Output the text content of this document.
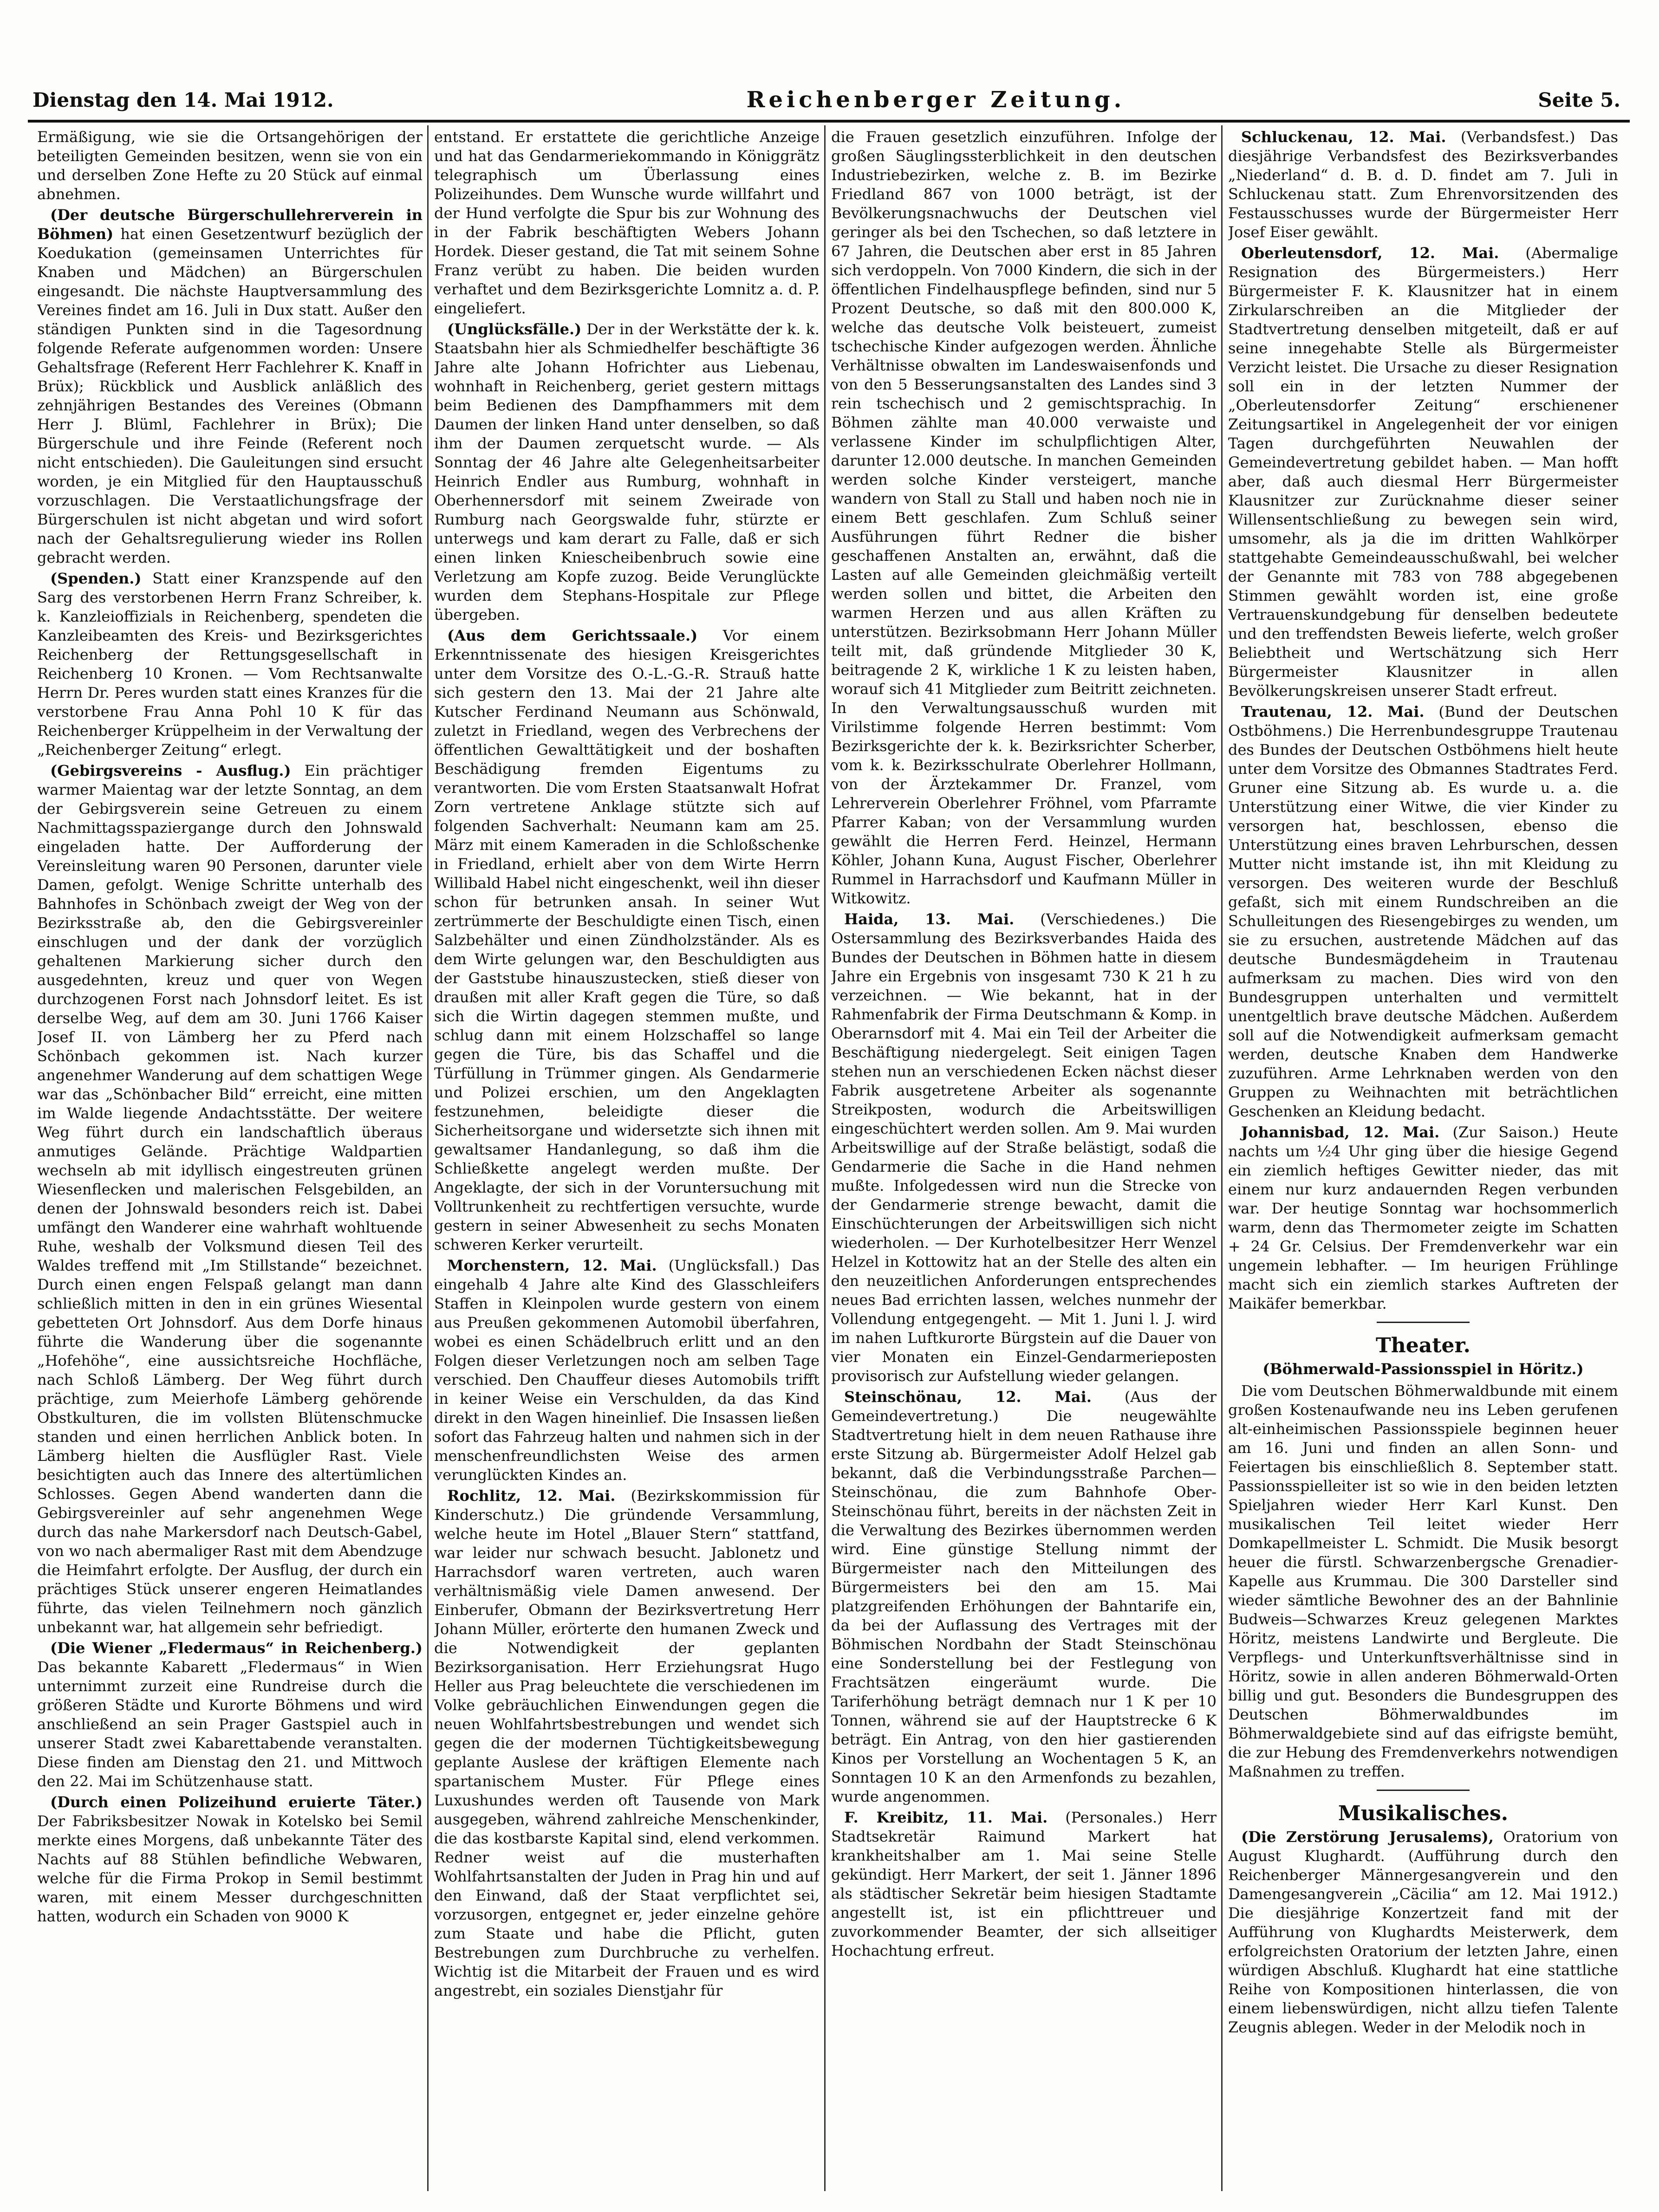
Dienstag den 14. Mai 1912.	Reichenberger Zeitung.	Seite 5.

Ermäßigung, wie sie die Ortsangehörigen der beteiligten Gemeinden besitzen, wenn sie von ein und derselben Zone Hefte zu 20 Stück auf einmal abnehmen.

(Der deutsche Bürgerschullehrerverein in Böhmen) hat einen Gesetzentwurf bezüglich der Koedukation (gemeinsamen Unterrichtes für Knaben und Mädchen) an Bürgerschulen eingesandt. Die nächste Hauptversammlung des Vereines findet am 16. Juli in Dux statt. Außer den ständigen Punkten sind in die Tagesordnung folgende Referate aufgenommen worden: Unsere Gehaltsfrage (Referent Herr Fachlehrer K. Knaff in Brüx); Rückblick und Ausblick anläßlich des zehnjährigen Bestandes des Vereines (Obmann Herr J. Blüml, Fachlehrer in Brüx); Die Bürgerschule und ihre Feinde (Referent noch nicht entschieden). Die Gauleitungen sind ersucht worden, je ein Mitglied für den Hauptausschuß vorzuschlagen. Die Verstaatlichungsfrage der Bürgerschulen ist nicht abgetan und wird sofort nach der Gehaltsregulierung wieder ins Rollen gebracht werden.

(Spenden.) Statt einer Kranzspende auf den Sarg des verstorbenen Herrn Franz Schreiber, k. k. Kanzleioffizials in Reichenberg, spendeten die Kanzleibeamten des Kreis- und Bezirksgerichtes Reichenberg der Rettungsgesellschaft in Reichenberg 10 Kronen. — Vom Rechtsanwalte Herrn Dr. Peres wurden statt eines Kranzes für die verstorbene Frau Anna Pohl 10 K für das Reichenberger Krüppelheim in der Verwaltung der „Reichenberger Zeitung“ erlegt.

(Gebirgsvereins - Ausflug.) Ein prächtiger warmer Maientag war der letzte Sonntag, an dem der Gebirgsverein seine Getreuen zu einem Nachmittagsspaziergange durch den Johnswald eingeladen hatte. Der Aufforderung der Vereinsleitung waren 90 Personen, darunter viele Damen, gefolgt. Wenige Schritte unterhalb des Bahnhofes in Schönbach zweigt der Weg von der Bezirksstraße ab, den die Gebirgsvereinler einschlugen und der dank der vorzüglich gehaltenen Markierung sicher durch den ausgedehnten, kreuz und quer von Wegen durchzogenen Forst nach Johnsdorf leitet. Es ist derselbe Weg, auf dem am 30. Juni 1766 Kaiser Josef II. von Lämberg her zu Pferd nach Schönbach gekommen ist. Nach kurzer angenehmer Wanderung auf dem schattigen Wege war das „Schönbacher Bild“ erreicht, eine mitten im Walde liegende Andachtsstätte. Der weitere Weg führt durch ein landschaftlich überaus anmutiges Gelände. Prächtige Waldpartien wechseln ab mit idyllisch eingestreuten grünen Wiesenflecken und malerischen Felsgebilden, an denen der Johnswald besonders reich ist. Dabei umfängt den Wanderer eine wahrhaft wohltuende Ruhe, weshalb der Volksmund diesen Teil des Waldes treffend mit „Im Stillstande“ bezeichnet. Durch einen engen Felspaß gelangt man dann schließlich mitten in den in ein grünes Wiesental gebetteten Ort Johnsdorf. Aus dem Dorfe hinaus führte die Wanderung über die sogenannte „Hofehöhe“, eine aussichtsreiche Hochfläche, nach Schloß Lämberg. Der Weg führt durch prächtige, zum Meierhofe Lämberg gehörende Obstkulturen, die im vollsten Blütenschmucke standen und einen herrlichen Anblick boten. In Lämberg hielten die Ausflügler Rast. Viele besichtigten auch das Innere des altertümlichen Schlosses. Gegen Abend wanderten dann die Gebirgsvereinler auf sehr angenehmen Wege durch das nahe Markersdorf nach Deutsch-Gabel, von wo nach abermaliger Rast mit dem Abendzuge die Heimfahrt erfolgte. Der Ausflug, der durch ein prächtiges Stück unserer engeren Heimatlandes führte, das vielen Teilnehmern noch gänzlich unbekannt war, hat allgemein sehr befriedigt.

(Die Wiener „Fledermaus“ in Reichenberg.) Das bekannte Kabarett „Fledermaus“ in Wien unternimmt zurzeit eine Rundreise durch die größeren Städte und Kurorte Böhmens und wird anschließend an sein Prager Gastspiel auch in unserer Stadt zwei Kabarettabende veranstalten. Diese finden am Dienstag den 21. und Mittwoch den 22. Mai im Schützenhause statt.

(Durch einen Polizeihund eruierte Täter.) Der Fabriksbesitzer Nowak in Kotelsko bei Semil merkte eines Morgens, daß unbekannte Täter des Nachts auf 88 Stühlen befindliche Webwaren, welche für die Firma Prokop in Semil bestimmt waren, mit einem Messer durchgeschnitten hatten, wodurch ein Schaden von 9000 K

entstand. Er erstattete die gerichtliche Anzeige und hat das Gendarmeriekommando in Königgrätz telegraphisch um Überlassung eines Polizeihundes. Dem Wunsche wurde willfahrt und der Hund verfolgte die Spur bis zur Wohnung des in der Fabrik beschäftigten Webers Johann Hordek. Dieser gestand, die Tat mit seinem Sohne Franz verübt zu haben. Die beiden wurden verhaftet und dem Bezirksgerichte Lomnitz a. d. P. eingeliefert.

(Unglücksfälle.) Der in der Werkstätte der k. k. Staatsbahn hier als Schmiedhelfer beschäftigte 36 Jahre alte Johann Hofrichter aus Liebenau, wohnhaft in Reichenberg, geriet gestern mittags beim Bedienen des Dampfhammers mit dem Daumen der linken Hand unter denselben, so daß ihm der Daumen zerquetscht wurde. — Als Sonntag der 46 Jahre alte Gelegenheitsarbeiter Heinrich Endler aus Rumburg, wohnhaft in Oberhennersdorf mit seinem Zweirade von Rumburg nach Georgswalde fuhr, stürzte er unterwegs und kam derart zu Falle, daß er sich einen linken Kniescheibenbruch sowie eine Verletzung am Kopfe zuzog. Beide Verunglückte wurden dem Stephans-Hospitale zur Pflege übergeben.

(Aus dem Gerichtssaale.) Vor einem Erkenntnissenate des hiesigen Kreisgerichtes unter dem Vorsitze des O.-L.-G.-R. Strauß hatte sich gestern den 13. Mai der 21 Jahre alte Kutscher Ferdinand Neumann aus Schönwald, zuletzt in Friedland, wegen des Verbrechens der öffentlichen Gewalttätigkeit und der boshaften Beschädigung fremden Eigentums zu verantworten. Die vom Ersten Staatsanwalt Hofrat Zorn vertretene Anklage stützte sich auf folgenden Sachverhalt: Neumann kam am 25. März mit einem Kameraden in die Schloßschenke in Friedland, erhielt aber von dem Wirte Herrn Willibald Habel nicht eingeschenkt, weil ihn dieser schon für betrunken ansah. In seiner Wut zertrümmerte der Beschuldigte einen Tisch, einen Salzbehälter und einen Zündholzständer. Als es dem Wirte gelungen war, den Beschuldigten aus der Gaststube hinauszustecken, stieß dieser von draußen mit aller Kraft gegen die Türe, so daß sich die Wirtin dagegen stemmen mußte, und schlug dann mit einem Holzschaffel so lange gegen die Türe, bis das Schaffel und die Türfüllung in Trümmer gingen. Als Gendarmerie und Polizei erschien, um den Angeklagten festzunehmen, beleidigte dieser die Sicherheitsorgane und widersetzte sich ihnen mit gewaltsamer Handanlegung, so daß ihm die Schließkette angelegt werden mußte. Der Angeklagte, der sich in der Voruntersuchung mit Volltrunkenheit zu rechtfertigen versuchte, wurde gestern in seiner Abwesenheit zu sechs Monaten schweren Kerker verurteilt.

Morchenstern, 12. Mai. (Unglücksfall.) Das eingehalb 4 Jahre alte Kind des Glasschleifers Staffen in Kleinpolen wurde gestern von einem aus Preußen gekommenen Automobil überfahren, wobei es einen Schädelbruch erlitt und an den Folgen dieser Verletzungen noch am selben Tage verschied. Den Chauffeur dieses Automobils trifft in keiner Weise ein Verschulden, da das Kind direkt in den Wagen hineinlief. Die Insassen ließen sofort das Fahrzeug halten und nahmen sich in der menschenfreundlichsten Weise des armen verunglückten Kindes an.

Rochlitz, 12. Mai. (Bezirkskommission für Kinderschutz.) Die gründende Versammlung, welche heute im Hotel „Blauer Stern“ stattfand, war leider nur schwach besucht. Jablonetz und Harrachsdorf waren vertreten, auch waren verhältnismäßig viele Damen anwesend. Der Einberufer, Obmann der Bezirksvertretung Herr Johann Müller, erörterte den humanen Zweck und die Notwendigkeit der geplanten Bezirksorganisation. Herr Erziehungsrat Hugo Heller aus Prag beleuchtete die verschiedenen im Volke gebräuchlichen Einwendungen gegen die neuen Wohlfahrtsbestrebungen und wendet sich gegen die der modernen Tüchtigkeitsbewegung geplante Auslese der kräftigen Elemente nach spartanischem Muster. Für Pflege eines Luxushundes werden oft Tausende von Mark ausgegeben, während zahlreiche Menschenkinder, die das kostbarste Kapital sind, elend verkommen. Redner weist auf die musterhaften Wohlfahrtsanstalten der Juden in Prag hin und auf den Einwand, daß der Staat verpflichtet sei, vorzusorgen, entgegnet er, jeder einzelne gehöre zum Staate und habe die Pflicht, guten Bestrebungen zum Durchbruche zu verhelfen. Wichtig ist die Mitarbeit der Frauen und es wird angestrebt, ein soziales Dienstjahr für

die Frauen gesetzlich einzuführen. Infolge der großen Säuglingssterblichkeit in den deutschen Industriebezirken, welche z. B. im Bezirke Friedland 867 von 1000 beträgt, ist der Bevölkerungsnachwuchs der Deutschen viel geringer als bei den Tschechen, so daß letztere in 67 Jahren, die Deutschen aber erst in 85 Jahren sich verdoppeln. Von 7000 Kindern, die sich in der öffentlichen Findelhauspflege befinden, sind nur 5 Prozent Deutsche, so daß mit den 800.000 K, welche das deutsche Volk beisteuert, zumeist tschechische Kinder aufgezogen werden. Ähnliche Verhältnisse obwalten im Landeswaisenfonds und von den 5 Besserungsanstalten des Landes sind 3 rein tschechisch und 2 gemischtsprachig. In Böhmen zählte man 40.000 verwaiste und verlassene Kinder im schulpflichtigen Alter, darunter 12.000 deutsche. In manchen Gemeinden werden solche Kinder versteigert, manche wandern von Stall zu Stall und haben noch nie in einem Bett geschlafen. Zum Schluß seiner Ausführungen führt Redner die bisher geschaffenen Anstalten an, erwähnt, daß die Lasten auf alle Gemeinden gleichmäßig verteilt werden sollen und bittet, die Arbeiten den warmen Herzen und aus allen Kräften zu unterstützen. Bezirksobmann Herr Johann Müller teilt mit, daß gründende Mitglieder 30 K, beitragende 2 K, wirkliche 1 K zu leisten haben, worauf sich 41 Mitglieder zum Beitritt zeichneten. In den Verwaltungsausschuß wurden mit Virilstimme folgende Herren bestimmt: Vom Bezirksgerichte der k. k. Bezirksrichter Scherber, vom k. k. Bezirksschulrate Oberlehrer Hollmann, von der Ärztekammer Dr. Franzel, vom Lehrerverein Oberlehrer Fröhnel, vom Pfarramte Pfarrer Kaban; von der Versammlung wurden gewählt die Herren Ferd. Heinzel, Hermann Köhler, Johann Kuna, August Fischer, Oberlehrer Rummel in Harrachsdorf und Kaufmann Müller in Witkowitz.

Haida, 13. Mai. (Verschiedenes.) Die Ostersammlung des Bezirksverbandes Haida des Bundes der Deutschen in Böhmen hatte in diesem Jahre ein Ergebnis von insgesamt 730 K 21 h zu verzeichnen. — Wie bekannt, hat in der Rahmenfabrik der Firma Deutschmann & Komp. in Oberarnsdorf mit 4. Mai ein Teil der Arbeiter die Beschäftigung niedergelegt. Seit einigen Tagen stehen nun an verschiedenen Ecken nächst dieser Fabrik ausgetretene Arbeiter als sogenannte Streikposten, wodurch die Arbeitswilligen eingeschüchtert werden sollen. Am 9. Mai wurden Arbeitswillige auf der Straße belästigt, sodaß die Gendarmerie die Sache in die Hand nehmen mußte. Infolgedessen wird nun die Strecke von der Gendarmerie strenge bewacht, damit die Einschüchterungen der Arbeitswilligen sich nicht wiederholen. — Der Kurhotelbesitzer Herr Wenzel Helzel in Kottowitz hat an der Stelle des alten ein den neuzeitlichen Anforderungen entsprechendes neues Bad errichten lassen, welches nunmehr der Vollendung entgegengeht. — Mit 1. Juni l. J. wird im nahen Luftkurorte Bürgstein auf die Dauer von vier Monaten ein Einzel-Gendarmerieposten provisorisch zur Aufstellung wieder gelangen.

Steinschönau, 12. Mai. (Aus der Gemeindevertretung.) Die neugewählte Stadtvertretung hielt in dem neuen Rathause ihre erste Sitzung ab. Bürgermeister Adolf Helzel gab bekannt, daß die Verbindungsstraße Parchen—Steinschönau, die zum Bahnhofe Ober-Steinschönau führt, bereits in der nächsten Zeit in die Verwaltung des Bezirkes übernommen werden wird. Eine günstige Stellung nimmt der Bürgermeister nach den Mitteilungen des Bürgermeisters bei den am 15. Mai platzgreifenden Erhöhungen der Bahntarife ein, da bei der Auflassung des Vertrages mit der Böhmischen Nordbahn der Stadt Steinschönau eine Sonderstellung bei der Festlegung von Frachtsätzen eingeräumt wurde. Die Tariferhöhung beträgt demnach nur 1 K per 10 Tonnen, während sie auf der Hauptstrecke 6 K beträgt. Ein Antrag, von den hier gastierenden Kinos per Vorstellung an Wochentagen 5 K, an Sonntagen 10 K an den Armenfonds zu bezahlen, wurde angenommen.

F. Kreibitz, 11. Mai. (Personales.) Herr Stadtsekretär Raimund Markert hat krankheitshalber am 1. Mai seine Stelle gekündigt. Herr Markert, der seit 1. Jänner 1896 als städtischer Sekretär beim hiesigen Stadtamte angestellt ist, ist ein pflichttreuer und zuvorkommender Beamter, der sich allseitiger Hochachtung erfreut.

Schluckenau, 12. Mai. (Verbandsfest.) Das diesjährige Verbandsfest des Bezirksverbandes „Niederland“ d. B. d. D. findet am 7. Juli in Schluckenau statt. Zum Ehrenvorsitzenden des Festausschusses wurde der Bürgermeister Herr Josef Eiser gewählt.

Oberleutensdorf, 12. Mai. (Abermalige Resignation des Bürgermeisters.) Herr Bürgermeister F. K. Klausnitzer hat in einem Zirkularschreiben an die Mitglieder der Stadtvertretung denselben mitgeteilt, daß er auf seine innegehabte Stelle als Bürgermeister Verzicht leistet. Die Ursache zu dieser Resignation soll ein in der letzten Nummer der „Oberleutensdorfer Zeitung“ erschienener Zeitungsartikel in Angelegenheit der vor einigen Tagen durchgeführten Neuwahlen der Gemeindevertretung gebildet haben. — Man hofft aber, daß auch diesmal Herr Bürgermeister Klausnitzer zur Zurücknahme dieser seiner Willensentschließung zu bewegen sein wird, umsomehr, als ja die im dritten Wahlkörper stattgehabte Gemeindeausschußwahl, bei welcher der Genannte mit 783 von 788 abgegebenen Stimmen gewählt worden ist, eine große Vertrauenskundgebung für denselben bedeutete und den treffendsten Beweis lieferte, welch großer Beliebtheit und Wertschätzung sich Herr Bürgermeister Klausnitzer in allen Bevölkerungskreisen unserer Stadt erfreut.

Trautenau, 12. Mai. (Bund der Deutschen Ostböhmens.) Die Herrenbundesgruppe Trautenau des Bundes der Deutschen Ostböhmens hielt heute unter dem Vorsitze des Obmannes Stadtrates Ferd. Gruner eine Sitzung ab. Es wurde u. a. die Unterstützung einer Witwe, die vier Kinder zu versorgen hat, beschlossen, ebenso die Unterstützung eines braven Lehrburschen, dessen Mutter nicht imstande ist, ihn mit Kleidung zu versorgen. Des weiteren wurde der Beschluß gefaßt, sich mit einem Rundschreiben an die Schulleitungen des Riesengebirges zu wenden, um sie zu ersuchen, austretende Mädchen auf das deutsche Bundesmägdeheim in Trautenau aufmerksam zu machen. Dies wird von den Bundesgruppen unterhalten und vermittelt unentgeltlich brave deutsche Mädchen. Außerdem soll auf die Notwendigkeit aufmerksam gemacht werden, deutsche Knaben dem Handwerke zuzuführen. Arme Lehrknaben werden von den Gruppen zu Weihnachten mit beträchtlichen Geschenken an Kleidung bedacht.

Johannisbad, 12. Mai. (Zur Saison.) Heute nachts um ½4 Uhr ging über die hiesige Gegend ein ziemlich heftiges Gewitter nieder, das mit einem nur kurz andauernden Regen verbunden war. Der heutige Sonntag war hochsommerlich warm, denn das Thermometer zeigte im Schatten + 24 Gr. Celsius. Der Fremdenverkehr war ein ungemein lebhafter. — Im heurigen Frühlinge macht sich ein ziemlich starkes Auftreten der Maikäfer bemerkbar.

Theater.
(Böhmerwald-Passionsspiel in Höritz.)

Die vom Deutschen Böhmerwaldbunde mit einem großen Kostenaufwande neu ins Leben gerufenen alt-einheimischen Passionsspiele beginnen heuer am 16. Juni und finden an allen Sonn- und Feiertagen bis einschließlich 8. September statt. Passionsspielleiter ist so wie in den beiden letzten Spieljahren wieder Herr Karl Kunst. Den musikalischen Teil leitet wieder Herr Domkapellmeister L. Schmidt. Die Musik besorgt heuer die fürstl. Schwarzenbergsche Grenadier-Kapelle aus Krummau. Die 300 Darsteller sind wieder sämtliche Bewohner des an der Bahnlinie Budweis—Schwarzes Kreuz gelegenen Marktes Höritz, meistens Landwirte und Bergleute. Die Verpflegs- und Unterkunftsverhältnisse sind in Höritz, sowie in allen anderen Böhmerwald-Orten billig und gut. Besonders die Bundesgruppen des Deutschen Böhmerwaldbundes im Böhmerwaldgebiete sind auf das eifrigste bemüht, die zur Hebung des Fremdenverkehrs notwendigen Maßnahmen zu treffen.

Musikalisches.

(Die Zerstörung Jerusalems), Oratorium von August Klughardt. (Aufführung durch den Reichenberger Männergesangverein und den Damengesangverein „Cäcilia“ am 12. Mai 1912.) Die diesjährige Konzertzeit fand mit der Aufführung von Klughardts Meisterwerk, dem erfolgreichsten Oratorium der letzten Jahre, einen würdigen Abschluß. Klughardt hat eine stattliche Reihe von Kompositionen hinterlassen, die von einem liebenswürdigen, nicht allzu tiefen Talente Zeugnis ablegen. Weder in der Melodik noch in
